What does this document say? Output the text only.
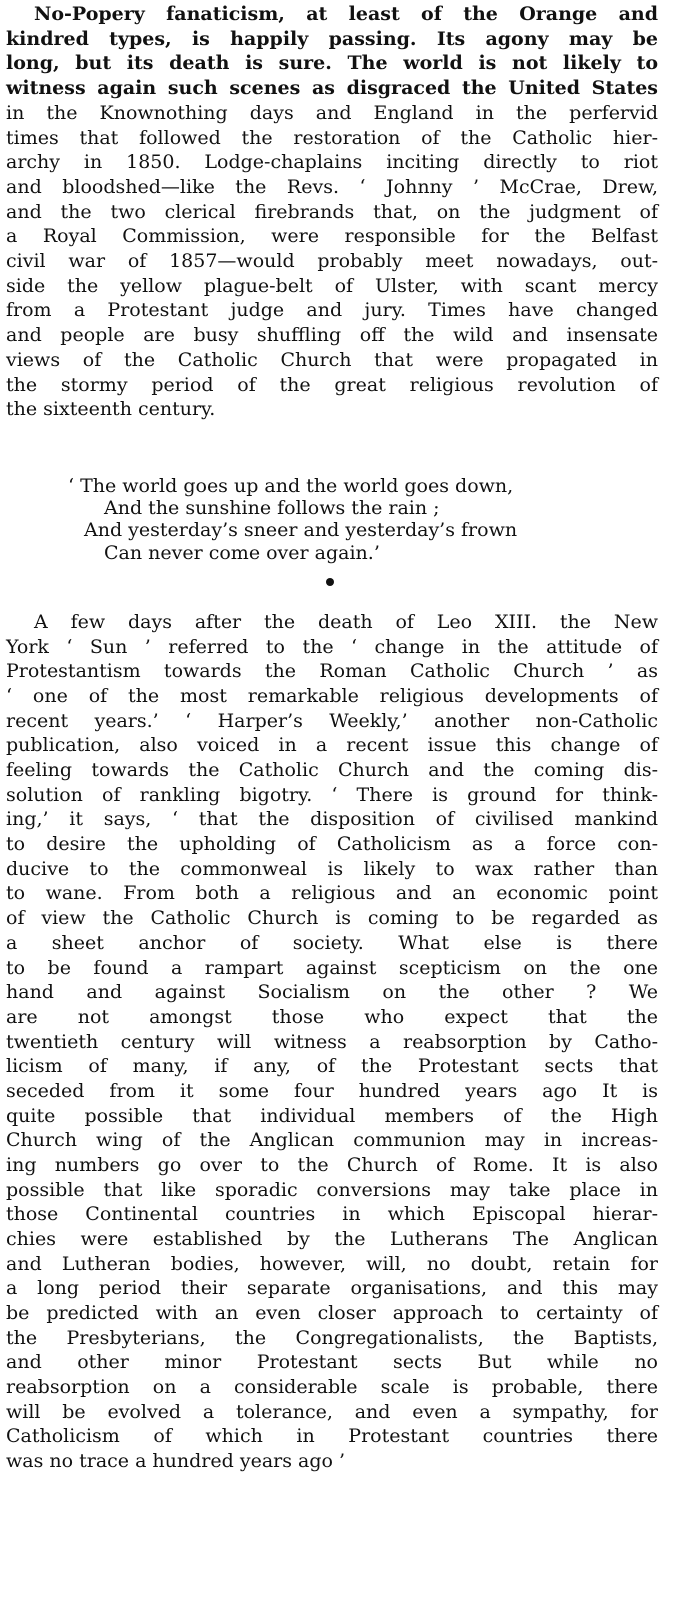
No-Popery fanaticism, at least of the Orange and
kindred types, is happily passing. Its agony may be
long, but its death is sure. The world is not likely to
witness again such scenes as disgraced the United States
in the Knownothing days and England in the perfervid
times that followed the restoration of the Catholic hier-
archy in 1850. Lodge-chaplains inciting directly to riot
and bloodshed—like the Revs. ‘ Johnny ’ McCrae, Drew,
and the two clerical firebrands that, on the judgment of
a Royal Commission, were responsible for the Belfast
civil war of 1857—would probably meet nowadays, out-
side the yellow plague-belt of Ulster, with scant mercy
from a Protestant judge and jury. Times have changed
and people are busy shuffling off the wild and insensate
views of the Catholic Church that were propagated in
the stormy period of the great religious revolution of
the sixteenth century.
‘ The world goes up and the world goes down,
And the sunshine follows the rain ;
And yesterday’s sneer and yesterday’s frown
Can never come over again.’
A few days after the death of Leo XIII. the New
York ‘ Sun ’ referred to the ‘ change in the attitude of
Protestantism towards the Roman Catholic Church ’ as
‘ one of the most remarkable religious developments of
recent years.’ ‘ Harper’s Weekly,’ another non-Catholic
publication, also voiced in a recent issue this change of
feeling towards the Catholic Church and the coming dis-
solution of rankling bigotry. ‘ There is ground for think-
ing,’ it says, ‘ that the disposition of civilised mankind
to desire the upholding of Catholicism as a force con-
ducive to the commonweal is likely to wax rather than
to wane. From both a religious and an economic point
of view the Catholic Church is coming to be regarded as
a sheet anchor of society. What else is there
to be found a rampart against scepticism on the one
hand and against Socialism on the other ? We
are not amongst those who expect that the
twentieth century will witness a reabsorption by Catho-
licism of many, if any, of the Protestant sects that
seceded from it some four hundred years ago It is
quite possible that individual members of the High
Church wing of the Anglican communion may in increas-
ing numbers go over to the Church of Rome. It is also
possible that like sporadic conversions may take place in
those Continental countries in which Episcopal hierar-
chies were established by the Lutherans The Anglican
and Lutheran bodies, however, will, no doubt, retain for
a long period their separate organisations, and this may
be predicted with an even closer approach to certainty of
the Presbyterians, the Congregationalists, the Baptists,
and other minor Protestant sects But while no
reabsorption on a considerable scale is probable, there
will be evolved a tolerance, and even a sympathy, for
Catholicism of which in Protestant countries there
was no trace a hundred years ago ’
